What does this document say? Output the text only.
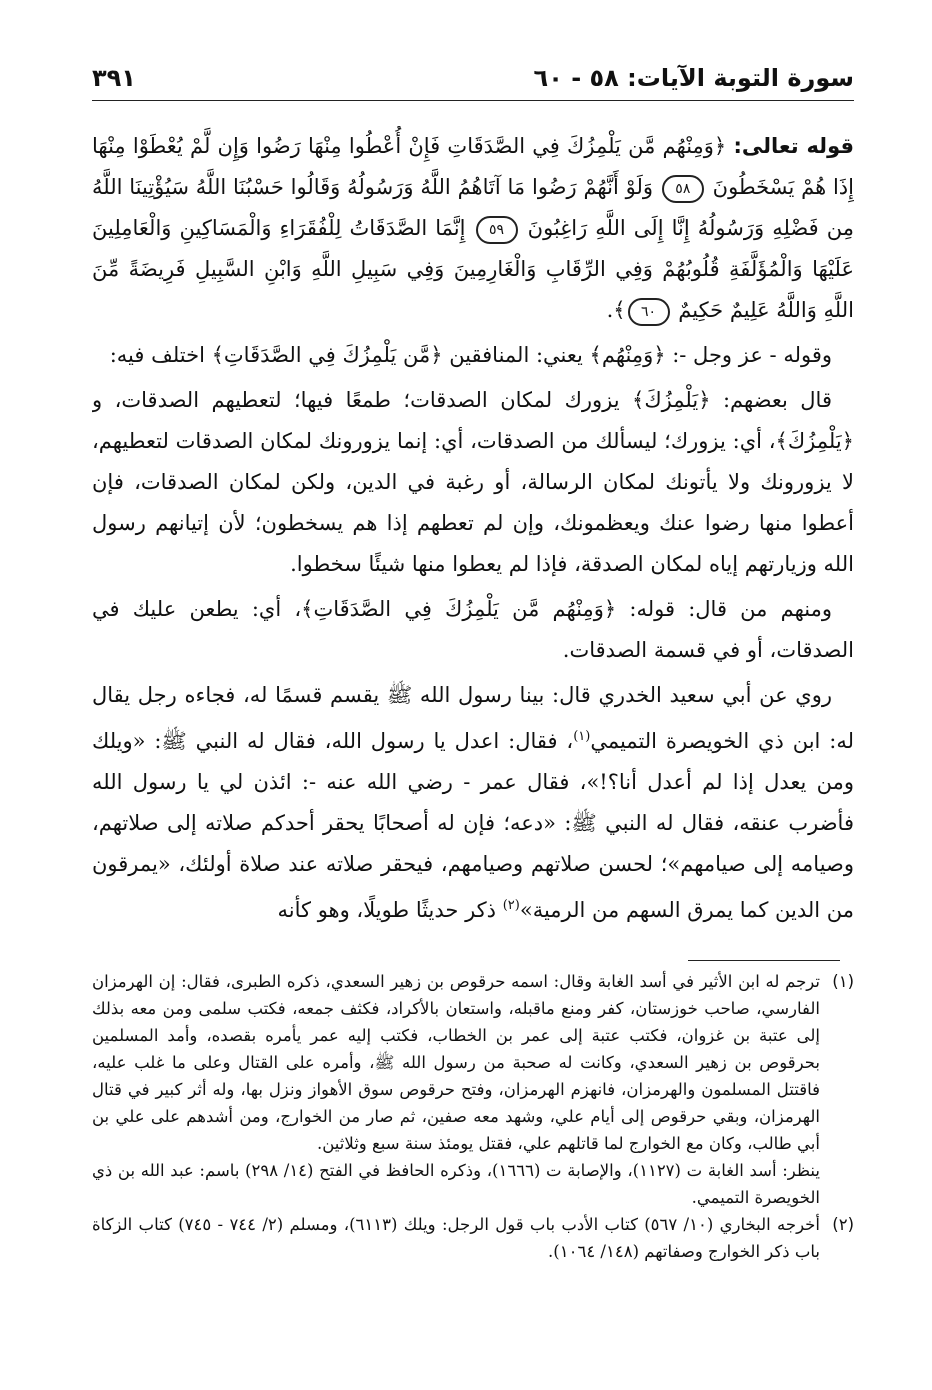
سورة التوبة الآيات: ٥٨ - ٦٠
٣٩١

قوله تعالى: ﴿وَمِنْهُم مَّن يَلْمِزُكَ فِي الصَّدَقَاتِ فَإِنْ أُعْطُوا مِنْهَا رَضُوا وَإِن لَّمْ يُعْطَوْا مِنْهَا إِذَا هُمْ يَسْخَطُونَ ٥٨ وَلَوْ أَنَّهُمْ رَضُوا مَا آتَاهُمُ اللَّهُ وَرَسُولُهُ وَقَالُوا حَسْبُنَا اللَّهُ سَيُؤْتِينَا اللَّهُ مِن فَضْلِهِ وَرَسُولُهُ إِنَّا إِلَى اللَّهِ رَاغِبُونَ ٥٩ إِنَّمَا الصَّدَقَاتُ لِلْفُقَرَاءِ وَالْمَسَاكِينِ وَالْعَامِلِينَ عَلَيْهَا وَالْمُؤَلَّفَةِ قُلُوبُهُمْ وَفِي الرِّقَابِ وَالْغَارِمِينَ وَفِي سَبِيلِ اللَّهِ وَابْنِ السَّبِيلِ فَرِيضَةً مِّنَ اللَّهِ وَاللَّهُ عَلِيمٌ حَكِيمٌ ٦٠﴾.

وقوله - عز وجل -: ﴿وَمِنْهُم﴾ يعني: المنافقين ﴿مَّن يَلْمِزُكَ فِي الصَّدَقَاتِ﴾ اختلف فيه:

قال بعضهم: ﴿يَلْمِزُكَ﴾ يزورك لمكان الصدقات؛ طمعًا فيها؛ لتعطيهم الصدقات، و ﴿يَلْمِزُكَ﴾، أي: يزورك؛ ليسألك من الصدقات، أي: إنما يزورونك لمكان الصدقات لتعطيهم، لا يزورونك ولا يأتونك لمكان الرسالة، أو رغبة في الدين، ولكن لمكان الصدقات، فإن أعطوا منها رضوا عنك ويعظمونك، وإن لم تعطهم إذا هم يسخطون؛ لأن إتيانهم رسول الله وزيارتهم إياه لمكان الصدقة، فإذا لم يعطوا منها شيئًا سخطوا.

ومنهم من قال: قوله: ﴿وَمِنْهُم مَّن يَلْمِزُكَ فِي الصَّدَقَاتِ﴾، أي: يطعن عليك في الصدقات، أو في قسمة الصدقات.

روي عن أبي سعيد الخدري قال: بينا رسول الله ﷺ يقسم قسمًا له، فجاءه رجل يقال له: ابن ذي الخويصرة التميمي$^{(١)}$، فقال: اعدل يا رسول الله، فقال له النبي ﷺ: «ويلك ومن يعدل إذا لم أعدل أنا؟!»، فقال عمر - رضي الله عنه -: ائذن لي يا رسول الله فأضرب عنقه، فقال له النبي ﷺ: «دعه؛ فإن له أصحابًا يحقر أحدكم صلاته إلى صلاتهم، وصيامه إلى صيامهم»؛ لحسن صلاتهم وصيامهم، فيحقر صلاته عند صلاة أولئك، «يمرقون من الدين كما يمرق السهم من الرمية»$^{(٢)}$ ذكر حديثًا طويلًا، وهو كأنه

(١)

ترجم له ابن الأثير في أسد الغابة وقال: اسمه حرقوص بن زهير السعدي، ذكره الطبرى، فقال: إن الهرمزان الفارسي، صاحب خوزستان، كفر ومنع ماقبله، واستعان بالأكراد، فكثف جمعه، فكتب سلمى ومن معه بذلك إلى عتبة بن غزوان، فكتب عتبة إلى عمر بن الخطاب، فكتب إليه عمر يأمره بقصده، وأمد المسلمين بحرقوص بن زهير السعدي، وكانت له صحبة من رسول الله ﷺ، وأمره على القتال وعلى ما غلب عليه، فاقتتل المسلمون والهرمزان، فانهزم الهرمزان، وفتح حرقوص سوق الأهواز ونزل بها، وله أثر كبير في قتال الهرمزان، وبقي حرقوص إلى أيام علي، وشهد معه صفين، ثم صار من الخوارج، ومن أشدهم على علي بن أبي طالب، وكان مع الخوارج لما قاتلهم علي، فقتل يومئذ سنة سبع وثلاثين.

ينظر: أسد الغابة ت (١١٢٧)، والإصابة ت (١٦٦٦)، وذكره الحافظ في الفتح (١٤/ ٢٩٨) باسم: عبد الله بن ذي الخويصرة التميمي.

(٢)

أخرجه البخاري (١٠/ ٥٦٧) كتاب الأدب باب قول الرجل: ويلك (٦١١٣)، ومسلم (٢/ ٧٤٤ - ٧٤٥) كتاب الزكاة باب ذكر الخوارج وصفاتهم (١٤٨/ ١٠٦٤).
